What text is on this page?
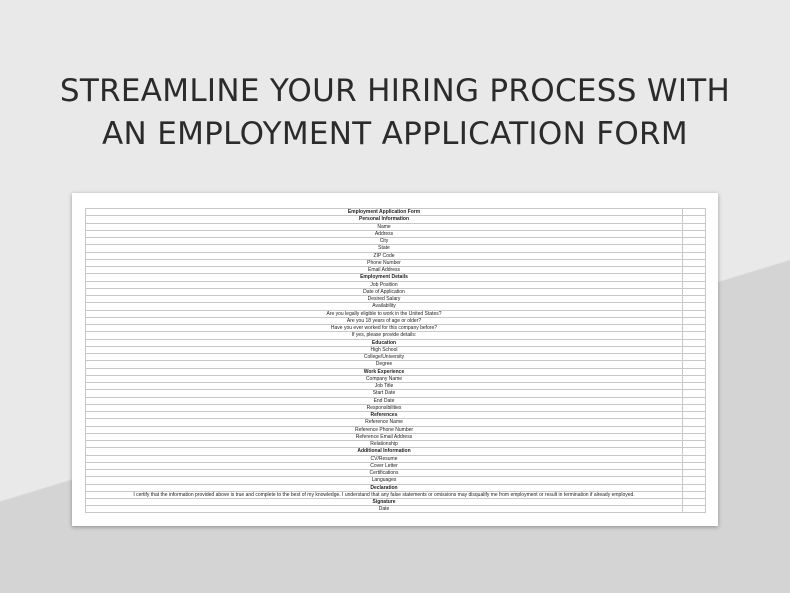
STREAMLINE YOUR HIRING PROCESS WITH
AN EMPLOYMENT APPLICATION FORM
Employment Application Form
Personal Information
Name
Address
City
State
ZIP Code
Phone Number
Email Address
Employment Details
Job Position
Date of Application
Desired Salary
Availability
Are you legally eligible to work in the United States?
Are you 18 years of age or older?
Have you ever worked for this company before?
If yes, please provide details:
Education
High School
College/University
Degree
Work Experience
Company Name
Job Title
Start Date
End Date
Responsibilities
References
Reference Name
Reference Phone Number
Reference Email Address
Relationship
Additional Information
CV/Resume
Cover Letter
Certifications
Languages
Declaration
I certify that the information provided above is true and complete to the best of my knowledge. I understand that any false statements or omissions may disqualify me from employment or result in termination if already employed.
Signature
Date
